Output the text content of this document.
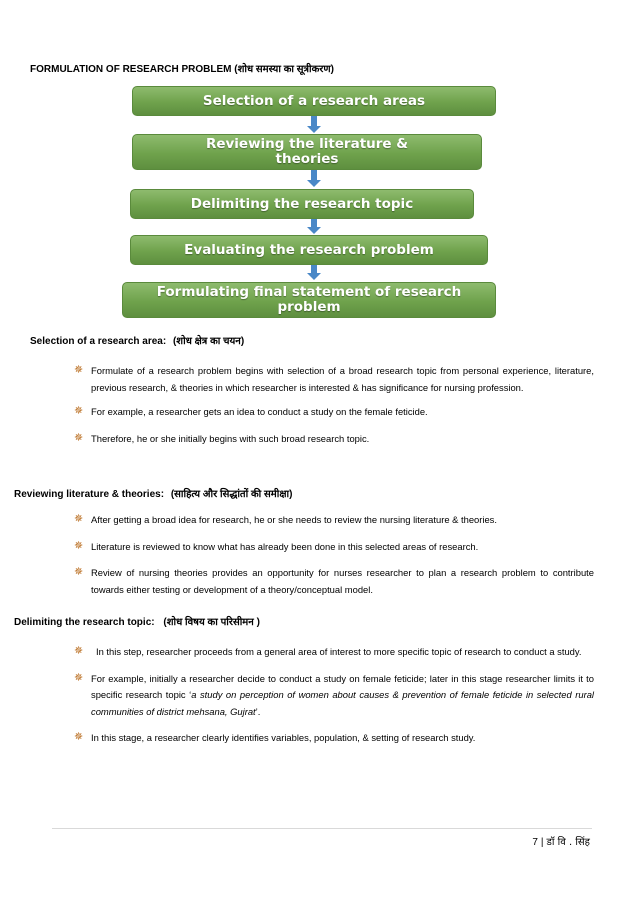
FORMULATION OF RESEARCH PROBLEM (शोध समस्या का सूत्रीकरण)
Selection of a research areas
Reviewing the literature & theories
Delimiting the research topic
Evaluating the research problem
Formulating final statement of research problem
Selection of a research area: (शोध क्षेत्र का चयन)
✵ Formulate of a research problem begins with selection of a broad research topic from personal experience, literature, previous research, & theories in which researcher is interested & has significance for nursing profession.
✵ For example, a researcher gets an idea to conduct a study on the female feticide.
✵ Therefore, he or she initially begins with such broad research topic.
Reviewing literature & theories: (साहित्य और सिद्धांतों की समीक्षा)
✵ After getting a broad idea for research, he or she needs to review the nursing literature & theories.
✵ Literature is reviewed to know what has already been done in this selected areas of research.
✵ Review of nursing theories provides an opportunity for nurses researcher to plan a research problem to contribute towards either testing or development of a theory/conceptual model.
Delimiting the research topic: (शोध विषय का परिसीमन )
✵ In this step, researcher proceeds from a general area of interest to more specific topic of research to conduct a study.
✵ For example, initially a researcher decide to conduct a study on female feticide; later in this stage researcher limits it to specific research topic ‘a study on perception of women about causes & prevention of female feticide in selected rural communities of district mehsana, Gujrat’.
✵ In this stage, a researcher clearly identifies variables, population, & setting of research study.
7 | डॉ वि . सिंह
